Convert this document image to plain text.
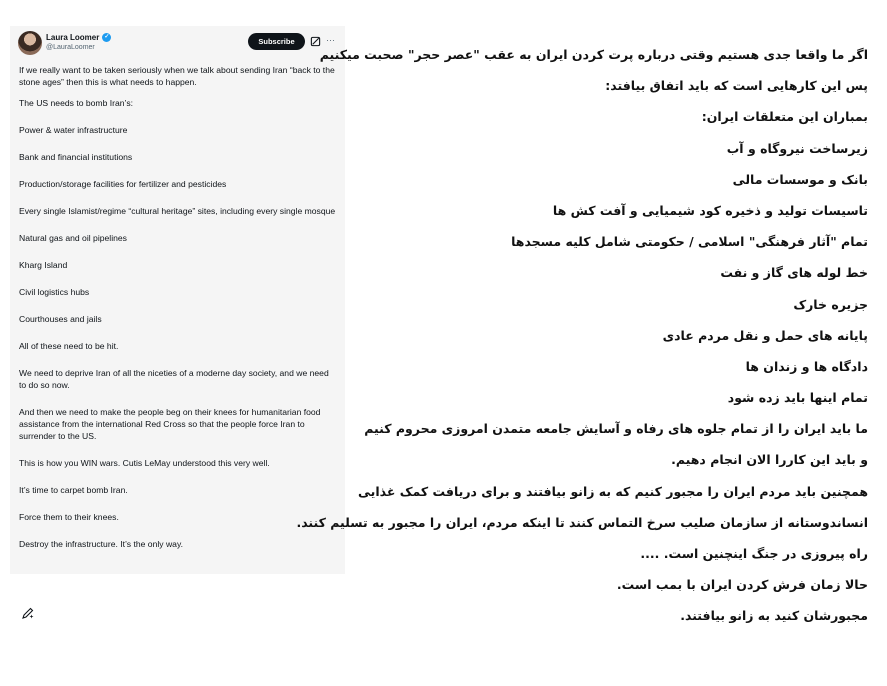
Laura Loomer ✓
@LauraLoomer
Subscribe	···

If we really want to be taken seriously when we talk about sending Iran “back to the stone ages” then this is what needs to happen.

The US needs to bomb Iran’s:

Power & water infrastructure

Bank and financial institutions

Production/storage facilities for fertilizer and pesticides

Every single Islamist/regime “cultural heritage” sites, including every single mosque

Natural gas and oil pipelines

Kharg Island

Civil logistics hubs

Courthouses and jails

All of these need to be hit.

We need to deprive Iran of all the niceties of a moderne day society, and we need to do so now.

And then we need to make the people beg on their knees for humanitarian food assistance from the international Red Cross so that the people force Iran to surrender to the US.

This is how you WIN wars. Cutis LeMay understood this very well.

It’s time to carpet bomb Iran.

Force them to their knees.

Destroy the infrastructure. It’s the only way.

اگر ما واقعا جدی هستیم وقتی درباره پرت کردن ایران به عقب "عصر حجر" صحبت میکنیم

پس این کارهایی است که باید اتفاق بیافتد:

بمباران این متعلقات ایران:

زیرساخت نیروگاه و آب

بانک و موسسات مالی

تاسیسات تولید و ذخیره کود شیمیایی و آفت کش ها

تمام "آثار فرهنگی" اسلامی / حکومتی شامل کلیه مسجدها

خط لوله های گاز و نفت

جزیره خارک

پایانه های حمل و نقل مردم عادی

دادگاه ها و زندان ها

تمام اینها باید زده شود

ما باید ایران را از تمام جلوه های رفاه و آسایش جامعه متمدن امروزی محروم کنیم

و باید این کاررا الان انجام دهیم.

همچنین باید مردم ایران را مجبور کنیم که به زانو بیافتند و برای دریافت کمک غذایی

انساندوستانه از سازمان صلیب سرخ التماس کنند تا اینکه مردم، ایران را مجبور به تسلیم کنند.

راه پیروزی در جنگ اینچنین است. ....

حالا زمان فرش کردن ایران با بمب است.

مجبورشان کنید به زانو بیافتند.
